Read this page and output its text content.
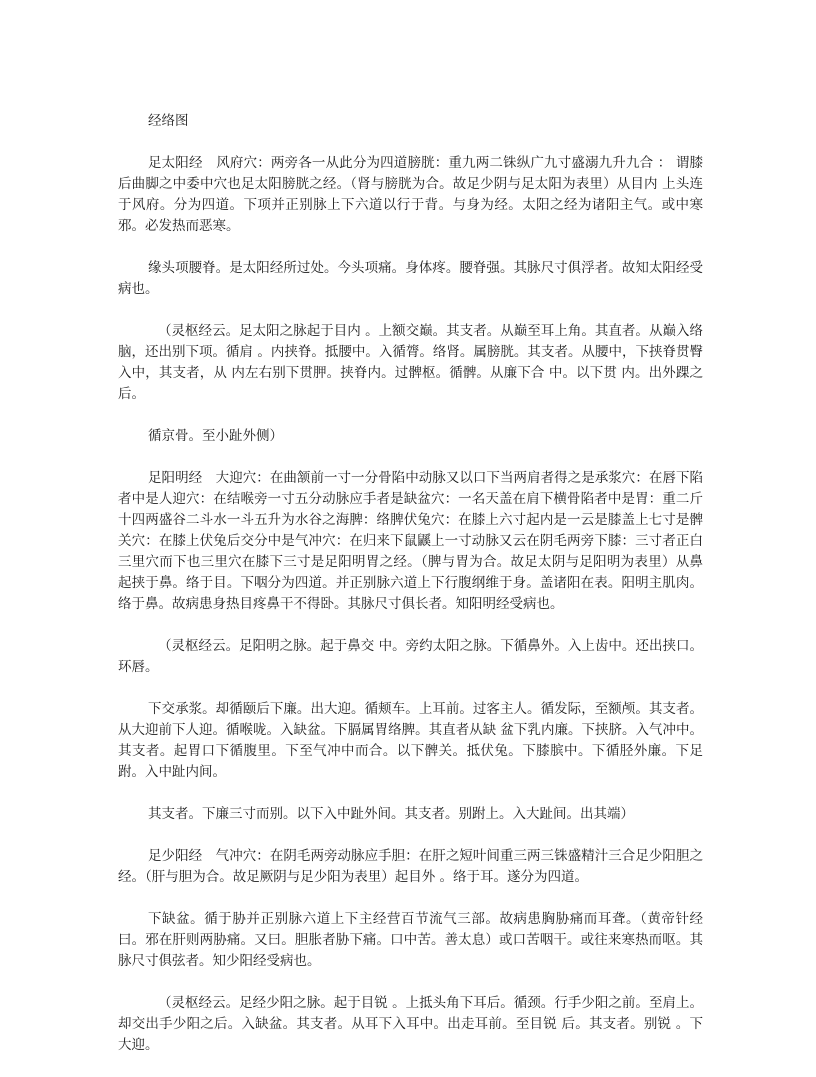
经络图

足太阳经　风府穴：两旁各一从此分为四道膀胱：重九两二铢纵广九寸盛溺九升九合 ： 谓膝后曲脚之中委中穴也足太阳膀胱之经。（肾与膀胱为合。故足少阴与足太阳为表里）从目内 上头连于风府。分为四道。下项并正别脉上下六道以行于背。与身为经。太阳之经为诸阳主气。或中寒邪。必发热而恶寒。

缘头项腰脊。是太阳经所过处。今头项痛。身体疼。腰脊强。其脉尺寸俱浮者。故知太阳经受病也。

（灵枢经云。足太阳之脉起于目内 。上额交巅。其支者。从巅至耳上角。其直者。从巅入络脑，还出别下项。循肩 。内挟脊。抵腰中。入循膂。络肾。属膀胱。其支者。从腰中，下挟脊贯臀入中，其支者，从 内左右别下贯胛。挟脊内。过髀枢。循髀。从廉下合 中。以下贯 内。出外踝之后。

循京骨。至小趾外侧）

足阳明经　大迎穴：在曲颔前一寸一分骨陷中动脉又以口下当两肩者得之是承浆穴：在唇下陷者中是人迎穴：在结喉旁一寸五分动脉应手者是缺盆穴：一名天盖在肩下横骨陷者中是胃：重二斤十四两盛谷二斗水一斗五升为水谷之海脾：络脾伏兔穴：在膝上六寸起内是一云是膝盖上七寸是髀关穴：在膝上伏兔后交分中是气冲穴：在归来下鼠鼷上一寸动脉又云在阴毛两旁下膝：三寸者正白三里穴而下也三里穴在膝下三寸是足阳明胃之经。（脾与胃为合。故足太阴与足阳明为表里）从鼻起挟于鼻。络于目。下咽分为四道。并正别脉六道上下行腹纲维于身。盖诸阳在表。阳明主肌肉。络于鼻。故病患身热目疼鼻干不得卧。其脉尺寸俱长者。知阳明经受病也。

（灵枢经云。足阳明之脉。起于鼻交 中。旁约太阳之脉。下循鼻外。入上齿中。还出挟口。环唇。

下交承浆。却循颐后下廉。出大迎。循颊车。上耳前。过客主人。循发际，至额颅。其支者。从大迎前下人迎。循喉咙。入缺盆。下膈属胃络脾。其直者从缺 盆下乳内廉。下挟脐。入气冲中。其支者。起胃口下循腹里。下至气冲中而合。以下髀关。抵伏兔。下膝膑中。下循胫外廉。下足跗。入中趾内间。

其支者。下廉三寸而别。以下入中趾外间。其支者。别跗上。入大趾间。出其端）

足少阳经　气冲穴：在阴毛两旁动脉应手胆：在肝之短叶间重三两三铢盛精汁三合足少阳胆之经。（肝与胆为合。故足厥阴与足少阳为表里）起目外 。络于耳。遂分为四道。

下缺盆。循于胁并正别脉六道上下主经营百节流气三部。故病患胸胁痛而耳聋。（黄帝针经曰。邪在肝则两胁痛。又曰。胆胀者胁下痛。口中苦。善太息）或口苦咽干。或往来寒热而呕。其脉尺寸俱弦者。知少阳经受病也。

（灵枢经云。足经少阳之脉。起于目锐 。上抵头角下耳后。循颈。行手少阳之前。至肩上。却交出手少阳之后。入缺盆。其支者。从耳下入耳中。出走耳前。至目锐 后。其支者。别锐 。下大迎。
